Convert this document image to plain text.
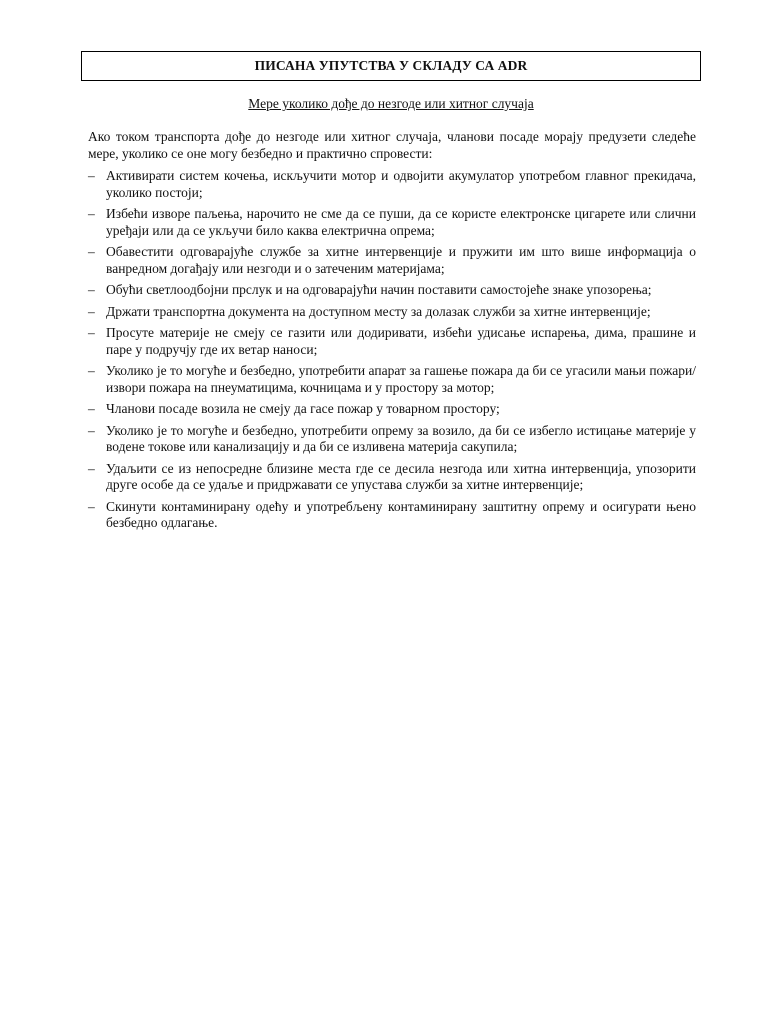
ПИСАНА УПУТСТВА У СКЛАДУ СА ADR
Мере уколико дође до незгоде или хитног случаја
Ако током транспорта дође до незгоде или хитног случаја, чланови посаде морају предузети следеће мере, уколико се оне могу безбедно и практично спровести:
– Активирати систем кочења, искључити мотор и одвојити акумулатор употребом главног прекидача, уколико постоји;
– Избећи изворе паљења, нарочито не сме да се пуши, да се користе електронске цигарете или слични уређаји или да се укључи било каква електрична опрема;
– Обавестити одговарајуће службе за хитне интервенције и пружити им што више информација о ванредном догађају или незгоди и о затеченим материјама;
– Обући светлоодбојни прслук и на одговарајући начин поставити самостојеће знаке упозорења;
– Држати транспортна документа на доступном месту за долазак служби за хитне интервенције;
– Просуте материје не смеју се газити или додиривати, избећи удисање испарења, дима, прашине и паре у подручју где их ветар наноси;
– Уколико је то могуће и безбедно, употребити апарат за гашење пожара да би се угасили мањи пожари/извори пожара на пнеуматицима, кочницама и у простору за мотор;
– Чланови посаде возила не смеју да гасе пожар у товарном простору;
– Уколико је то могуће и безбедно, употребити опрему за возило, да би се избегло истицање материје у водене токове или канализацију и да би се изливена материја сакупила;
– Удаљити се из непосредне близине места где се десила незгода или хитна интервенција, упозорити друге особе да се удаље и придржавати се упуставa служби за хитне интервенције;
– Скинути контаминирану одећу и употребљену контаминирану заштитну опрему и осигурати њено безбедно одлагање.
